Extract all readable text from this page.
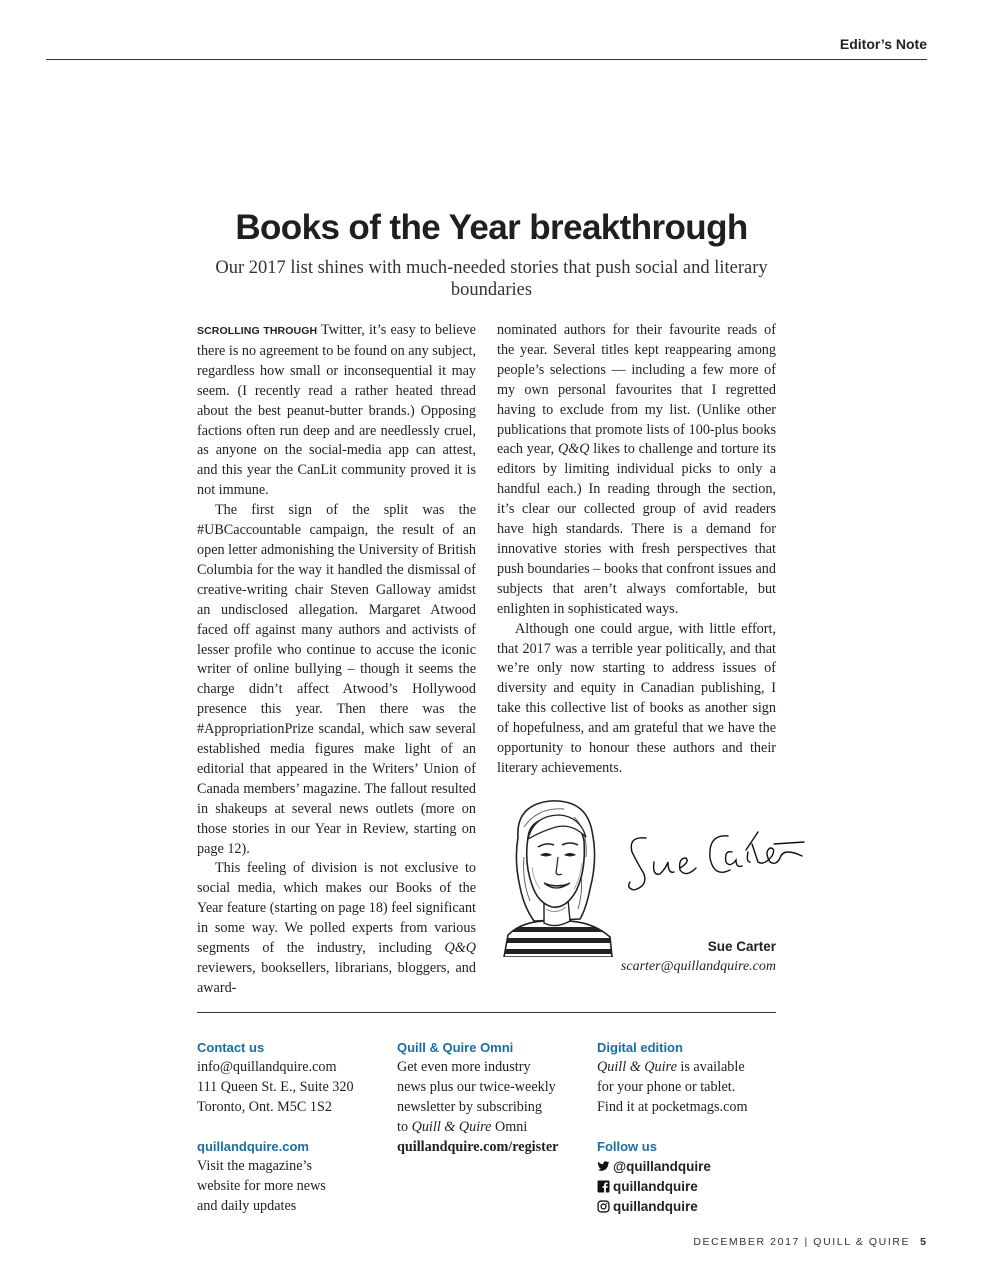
Editor’s Note
Books of the Year breakthrough
Our 2017 list shines with much-needed stories that push social and literary boundaries

SCROLLING THROUGH Twitter, it’s easy to believe there is no agreement to be found on any subject, regardless how small or inconsequential it may seem. (I recently read a rather heated thread about the best peanut-butter brands.) Opposing factions often run deep and are needlessly cruel, as anyone on the social-media app can attest, and this year the CanLit community proved it is not immune.

The first sign of the split was the #UBCaccountable campaign, the result of an open letter admonishing the University of British Columbia for the way it handled the dismissal of creative-writing chair Steven Galloway amidst an undisclosed allegation. Margaret Atwood faced off against many authors and activists of lesser profile who continue to accuse the iconic writer of online bullying – though it seems the charge didn’t affect Atwood’s Hollywood presence this year. Then there was the #AppropriationPrize scandal, which saw several established media figures make light of an editorial that appeared in the Writers’ Union of Canada members’ magazine. The fallout resulted in shakeups at several news outlets (more on those stories in our Year in Review, starting on page 12).

This feeling of division is not exclusive to social media, which makes our Books of the Year feature (starting on page 18) feel significant in some way. We polled experts from various segments of the industry, including Q&Q reviewers, booksellers, librarians, bloggers, and award-

nominated authors for their favourite reads of the year. Several titles kept reappearing among people’s selections — including a few more of my own personal favourites that I regretted having to exclude from my list. (Unlike other publications that promote lists of 100-plus books each year, Q&Q likes to challenge and torture its editors by limiting individual picks to only a handful each.) In reading through the section, it’s clear our collected group of avid readers have high standards. There is a demand for innovative stories with fresh perspectives that push boundaries – books that confront issues and subjects that aren’t always comfortable, but enlighten in sophisticated ways.

Although one could argue, with little effort, that 2017 was a terrible year politically, and that we’re only now starting to address issues of diversity and equity in Canadian publishing, I take this collective list of books as another sign of hopefulness, and am grateful that we have the opportunity to honour these authors and their literary achievements.

Sue Carter
scarter@quillandquire.com
Contact us
info@quillandquire.com
111 Queen St. E., Suite 320
Toronto, Ont. M5C 1S2
quillandquire.com
Visit the magazine’s
website for more news
and daily updates
Quill & Quire Omni
Get even more industry
news plus our twice-weekly
newsletter by subscribing
to Quill & Quire Omni
quillandquire.com/register
Digital edition
Quill & Quire is available
for your phone or tablet.
Find it at pocketmags.com
Follow us
@quillandquire
quillandquire
quillandquire
DECEMBER 2017 | QUILL & QUIRE 5
